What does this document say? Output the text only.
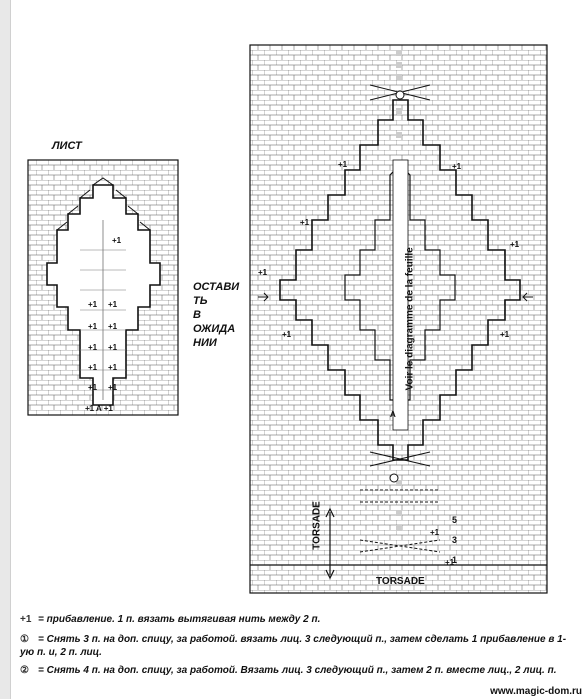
ЛИСТ
+1 +1
+1 +1
+1 +1
+1 +1
+1 +1
+1
+1 A +1
ОСТАВИ
ТЬ
В
ОЖИДА
НИИ	Voir le diagramme de la feuille
A
+1
+1
+1
+1
+1
+1
+1
+1
+1
TORSADE
TORSADE
5
3
1
+1 = прибавление. 1 п. вязать вытягивая нить между 2 п.
① = Снять 3 п. на доп. спицу, за работой. вязать лиц. 3 следующий п., затем сделать 1 прибавление в 1-ую п. и, 2 п. лиц.
② = Снять 4 п. на доп. спицу, за работой. Вязать лиц. 3 следующий п., затем 2 п. вместе лиц., 2 лиц. п.
www.magic-dom.ru
